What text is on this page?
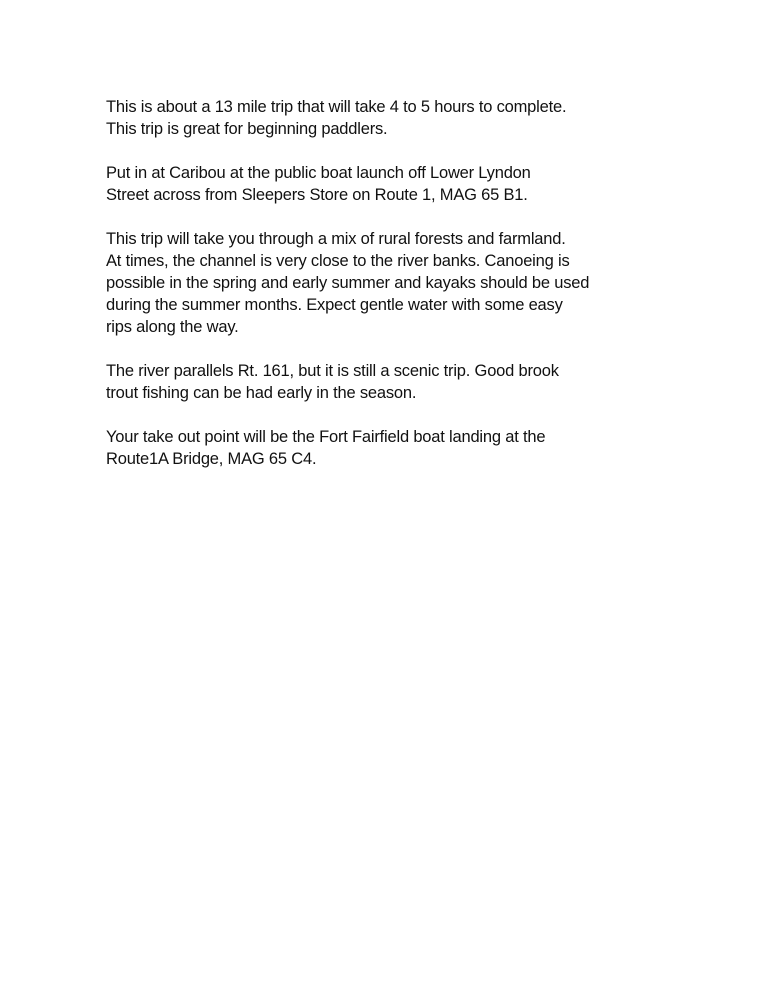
This is about a 13 mile trip that will take 4 to 5 hours to complete.
This trip is great for beginning paddlers.

Put in at Caribou at the public boat launch off Lower Lyndon
Street across from Sleepers Store on Route 1, MAG 65 B1.

This trip will take you through a mix of rural forests and farmland.
At times, the channel is very close to the river banks. Canoeing is
possible in the spring and early summer and kayaks should be used
during the summer months. Expect gentle water with some easy
rips along the way.

The river parallels Rt. 161, but it is still a scenic trip. Good brook
trout fishing can be had early in the season.

Your take out point will be the Fort Fairfield boat landing at the
Route1A Bridge, MAG 65 C4.
